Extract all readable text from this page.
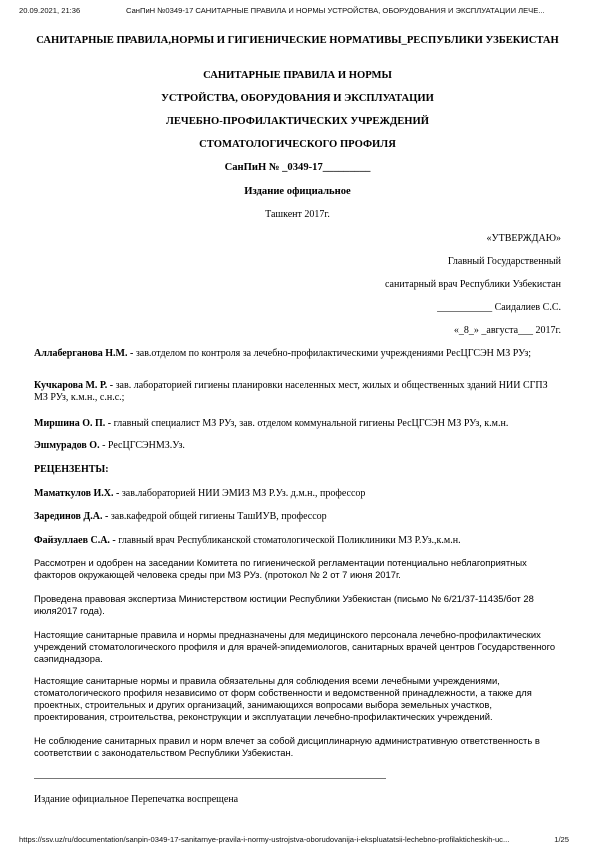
20.09.2021, 21:36	СанПиН №0349-17 САНИТАРНЫЕ ПРАВИЛА И НОРМЫ УСТРОЙСТВА, ОБОРУДОВАНИЯ И ЭКСПЛУАТАЦИИ ЛЕЧЕ...
САНИТАРНЫЕ ПРАВИЛА,НОРМЫ И ГИГИЕНИЧЕСКИЕ НОРМАТИВЫ_РЕСПУБЛИКИ УЗБЕКИСТАН
САНИТАРНЫЕ ПРАВИЛА И НОРМЫ
УСТРОЙСТВА, ОБОРУДОВАНИЯ И ЭКСПЛУАТАЦИИ
ЛЕЧЕБНО-ПРОФИЛАКТИЧЕСКИХ УЧРЕЖДЕНИЙ
СТОМАТОЛОГИЧЕСКОГО ПРОФИЛЯ
СанПиН № _0349-17_________
Издание официальное
Ташкент 2017г.
«УТВЕРЖДАЮ»
Главный Государственный
санитарный врач Республики Узбекистан
___________ Саидалиев С.С.
«_8_» _августа___ 2017г.
Аллаберганова Н.М. - зав.отделом по контроля за лечебно-профилактическими учреждениями РесЦГСЭН МЗ РУз;
Кучкарова М. Р. - зав. лабораторией гигиены планировки населенных мест, жилых и общественных зданий НИИ СГПЗ МЗ РУз, к.м.н., с.н.с.;
Миршина О. П. - главный специалист МЗ РУз, зав. отделом коммунальной гигиены РесЦГСЭН МЗ РУз, к.м.н.
Эшмурадов О. - РесЦГСЭНМЗ.Уз.
РЕЦЕНЗЕНТЫ:
Маматкулов И.Х. - зав.лабораторией НИИ ЭМИЗ МЗ Р.Уз. д.м.н., профессор
Зарединов Д.А. - зав.кафедрой общей гигиены ТашИУВ, профессор
Файзуллаев С.А. - главный врач Республиканской стоматологической Поликлиники МЗ Р.Уз.,к.м.н.
Рассмотрен и одобрен на заседании Комитета по гигиенической регламентации потенциально неблагоприятных факторов окружающей человека среды при МЗ РУз. (протокол № 2 от 7 июня 2017г.
Проведена правовая экспертиза Министерством юстиции Республики Узбекистан (письмо № 6/21/37-11435/бот 28 июля2017 года).
Настоящие санитарные правила и нормы предназначены для медицинского персонала лечебно-профилактических учреждений стоматологического профиля и для врачей-эпидемиологов, санитарных врачей центров Государственного саэпиднадзора.
Настоящие санитарные нормы и правила обязательны для соблюдения всеми лечебными учреждениями, стоматологического профиля независимо от форм собственности и ведомственной принадлежности, а также для проектных, строительных и других организаций, занимающихся вопросами выбора земельных участков, проектирования, строительства, реконструкции и эксплуатации лечебно-профилактических учреждений.
Не соблюдение санитарных правил и норм влечет за собой дисциплинарную административную ответственность в соответствии с законодательством Республики Узбекистан.
Издание официальное Перепечатка воспрещена
https://ssv.uz/ru/documentation/sanpin-0349-17-sanitarnye-pravila-i-normy-ustrojstva-oborudovanija-i-ekspluatatsii-lechebno-profilakticheskih-uc...	1/25
